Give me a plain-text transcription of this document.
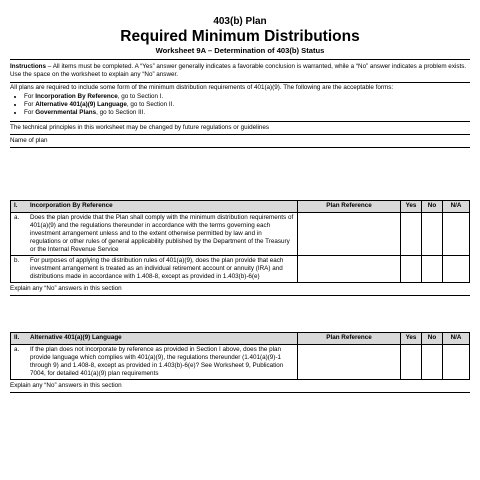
403(b) Plan
Required Minimum Distributions
Worksheet 9A – Determination of 403(b) Status
Instructions – All items must be completed. A “Yes” answer generally indicates a favorable conclusion is warranted, while a “No” answer indicates a problem exists. Use the space on the worksheet to explain any “No” answer.
All plans are required to include some form of the minimum distribution requirements of 401(a)(9). The following are the acceptable forms:
• For Incorporation By Reference, go to Section I.
• For Alternative 401(a)(9) Language, go to Section II.
• For Governmental Plans, go to Section III.
The technical principles in this worksheet may be changed by future regulations or guidelines
Name of plan
I.	Incorporation By Reference	Plan Reference	Yes	No	N/A
a.	Does the plan provide that the Plan shall comply with the minimum distribution requirements of 401(a)(9) and the regulations thereunder in accordance with the terms governing each investment arrangement unless and to the extent otherwise permitted by law and in regulations or other rules of general applicability published by the Department of the Treasury or the Internal Revenue Service				
b.	For purposes of applying the distribution rules of 401(a)(9), does the plan provide that each investment arrangement is treated as an individual retirement account or annuity (IRA) and distributions made in accordance with 1.408-8, except as provided in 1.403(b)-6(e)				
Explain any “No” answers in this section
II.	Alternative 401(a)(9) Language	Plan Reference	Yes	No	N/A
a.	If the plan does not incorporate by reference as provided in Section I above, does the plan provide language which complies with 401(a)(9), the regulations thereunder (1.401(a)(9)-1 through 9) and 1.408-8, except as provided in 1.403(b)-6(e)? See Worksheet 9, Publication 7004, for detailed 401(a)(9) plan requirements				
Explain any “No” answers in this section
